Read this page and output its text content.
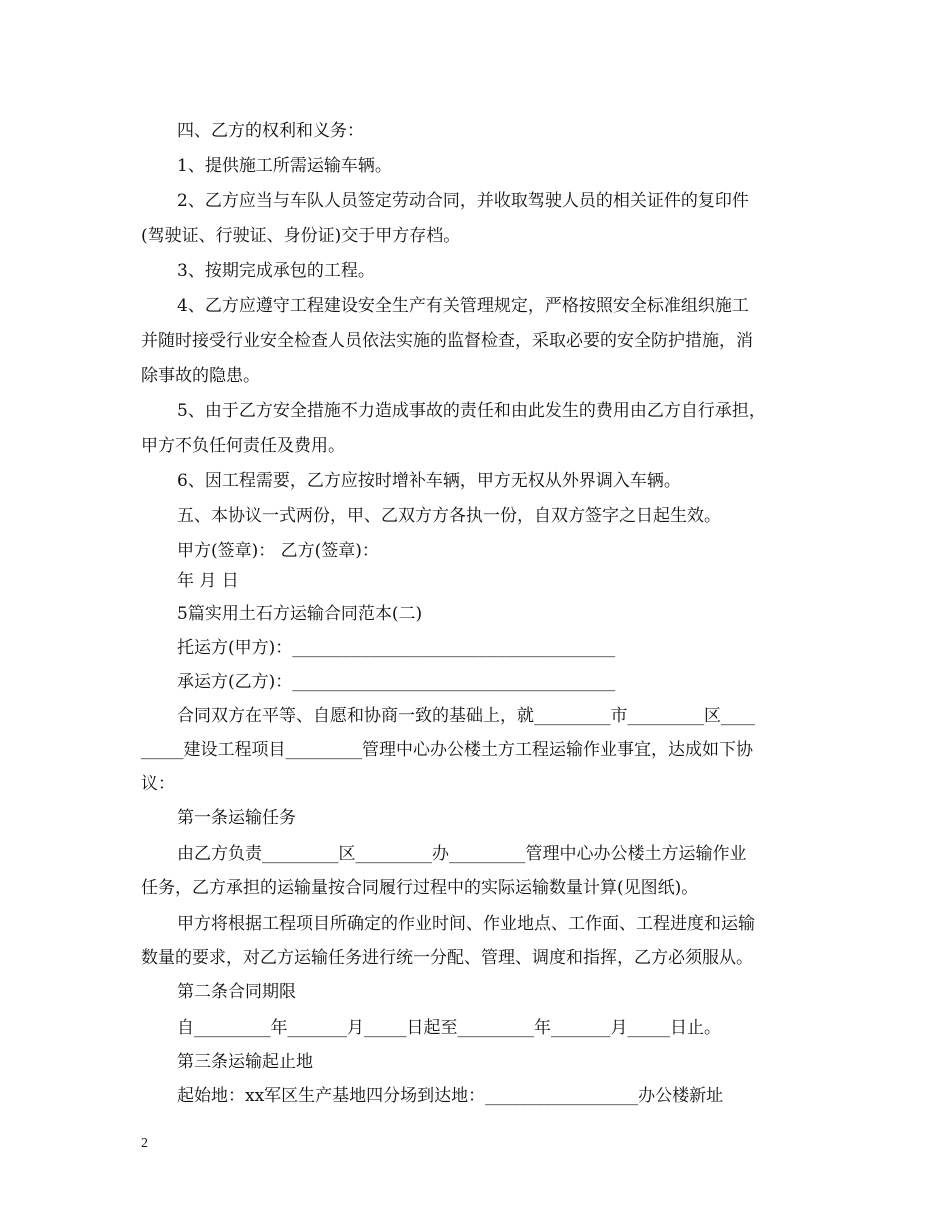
四、乙方的权利和义务：
1、提供施工所需运输车辆。
2、乙方应当与车队人员签定劳动合同，并收取驾驶人员的相关证件的复印件
(驾驶证、行驶证、身份证)交于甲方存档。
3、按期完成承包的工程。
4、乙方应遵守工程建设安全生产有关管理规定，严格按照安全标准组织施工
并随时接受行业安全检查人员依法实施的监督检查，采取必要的安全防护措施，消
除事故的隐患。
5、由于乙方安全措施不力造成事故的责任和由此发生的费用由乙方自行承担，
甲方不负任何责任及费用。
6、因工程需要，乙方应按时增补车辆，甲方无权从外界调入车辆。
五、本协议一式两份，甲、乙双方方各执一份，自双方签字之日起生效。
甲方(签章)： 乙方(签章)：
年 月 日
5篇实用土石方运输合同范本(二)
托运方(甲方)：______________________________________
承运方(乙方)：______________________________________
合同双方在平等、自愿和协商一致的基础上，就_________市_________区____
_____建设工程项目_________管理中心办公楼土方工程运输作业事宜，达成如下协
议：
第一条运输任务
由乙方负责_________区_________办_________管理中心办公楼土方运输作业
任务，乙方承担的运输量按合同履行过程中的实际运输数量计算(见图纸)。
甲方将根据工程项目所确定的作业时间、作业地点、工作面、工程进度和运输
数量的要求，对乙方运输任务进行统一分配、管理、调度和指挥，乙方必须服从。
第二条合同期限
自_________年_______月_____日起至_________年_______月_____日止。
第三条运输起止地
起始地：xx军区生产基地四分场到达地：__________________办公楼新址
2
